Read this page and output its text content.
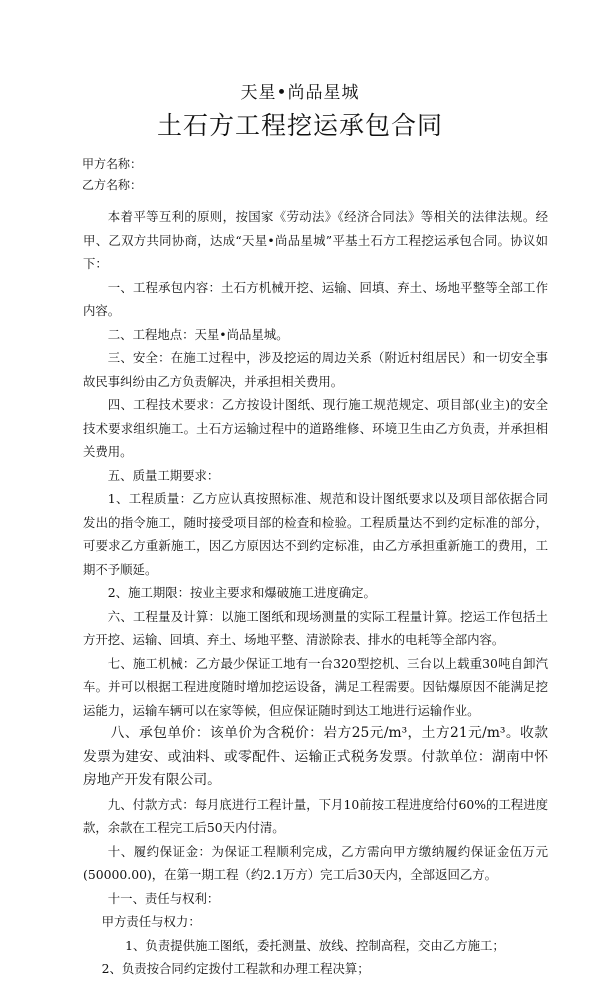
天星•尚品星城
土石方工程挖运承包合同
甲方名称：
乙方名称：

本着平等互利的原则，按国家《劳动法》《经济合同法》等相关的法律法规。经甲、乙双方共同协商，达成“天星•尚品星城”平基土石方工程挖运承包合同。协议如下：

一、工程承包内容：土石方机械开挖、运输、回填、弃土、场地平整等全部工作内容。

二、工程地点：天星•尚品星城。

三、安全：在施工过程中，涉及挖运的周边关系（附近村组居民）和一切安全事故民事纠纷由乙方负责解决，并承担相关费用。

四、工程技术要求：乙方按设计图纸、现行施工规范规定、项目部(业主)的安全技术要求组织施工。土石方运输过程中的道路维修、环境卫生由乙方负责，并承担相关费用。

五、质量工期要求：

1、工程质量：乙方应认真按照标准、规范和设计图纸要求以及项目部依据合同发出的指令施工，随时接受项目部的检查和检验。工程质量达不到约定标准的部分，可要求乙方重新施工，因乙方原因达不到约定标准，由乙方承担重新施工的费用，工期不予顺延。

2、施工期限：按业主要求和爆破施工进度确定。

六、工程量及计算：以施工图纸和现场测量的实际工程量计算。挖运工作包括土方开挖、运输、回填、弃土、场地平整、清淤除表、排水的电耗等全部内容。

七、施工机械：乙方最少保证工地有一台320型挖机、三台以上载重30吨自卸汽车。并可以根据工程进度随时增加挖运设备，满足工程需要。因钻爆原因不能满足挖运能力，运输车辆可以在家等候，但应保证随时到达工地进行运输作业。

八、承包单价：该单价为含税价：岩方25元/m³，土方21元/m³。收款发票为建安、或油料、或零配件、运输正式税务发票。付款单位：湖南中怀房地产开发有限公司。

九、付款方式：每月底进行工程计量，下月10前按工程进度给付60%的工程进度款，余款在工程完工后50天内付清。

十、履约保证金：为保证工程顺利完成，乙方需向甲方缴纳履约保证金伍万元(50000.00)，在第一期工程（约2.1万方）完工后30天内，全部返回乙方。

十一、责任与权利：

甲方责任与权力：

1、负责提供施工图纸，委托测量、放线、控制高程，交由乙方施工；

2、负责按合同约定拨付工程款和办理工程决算；
